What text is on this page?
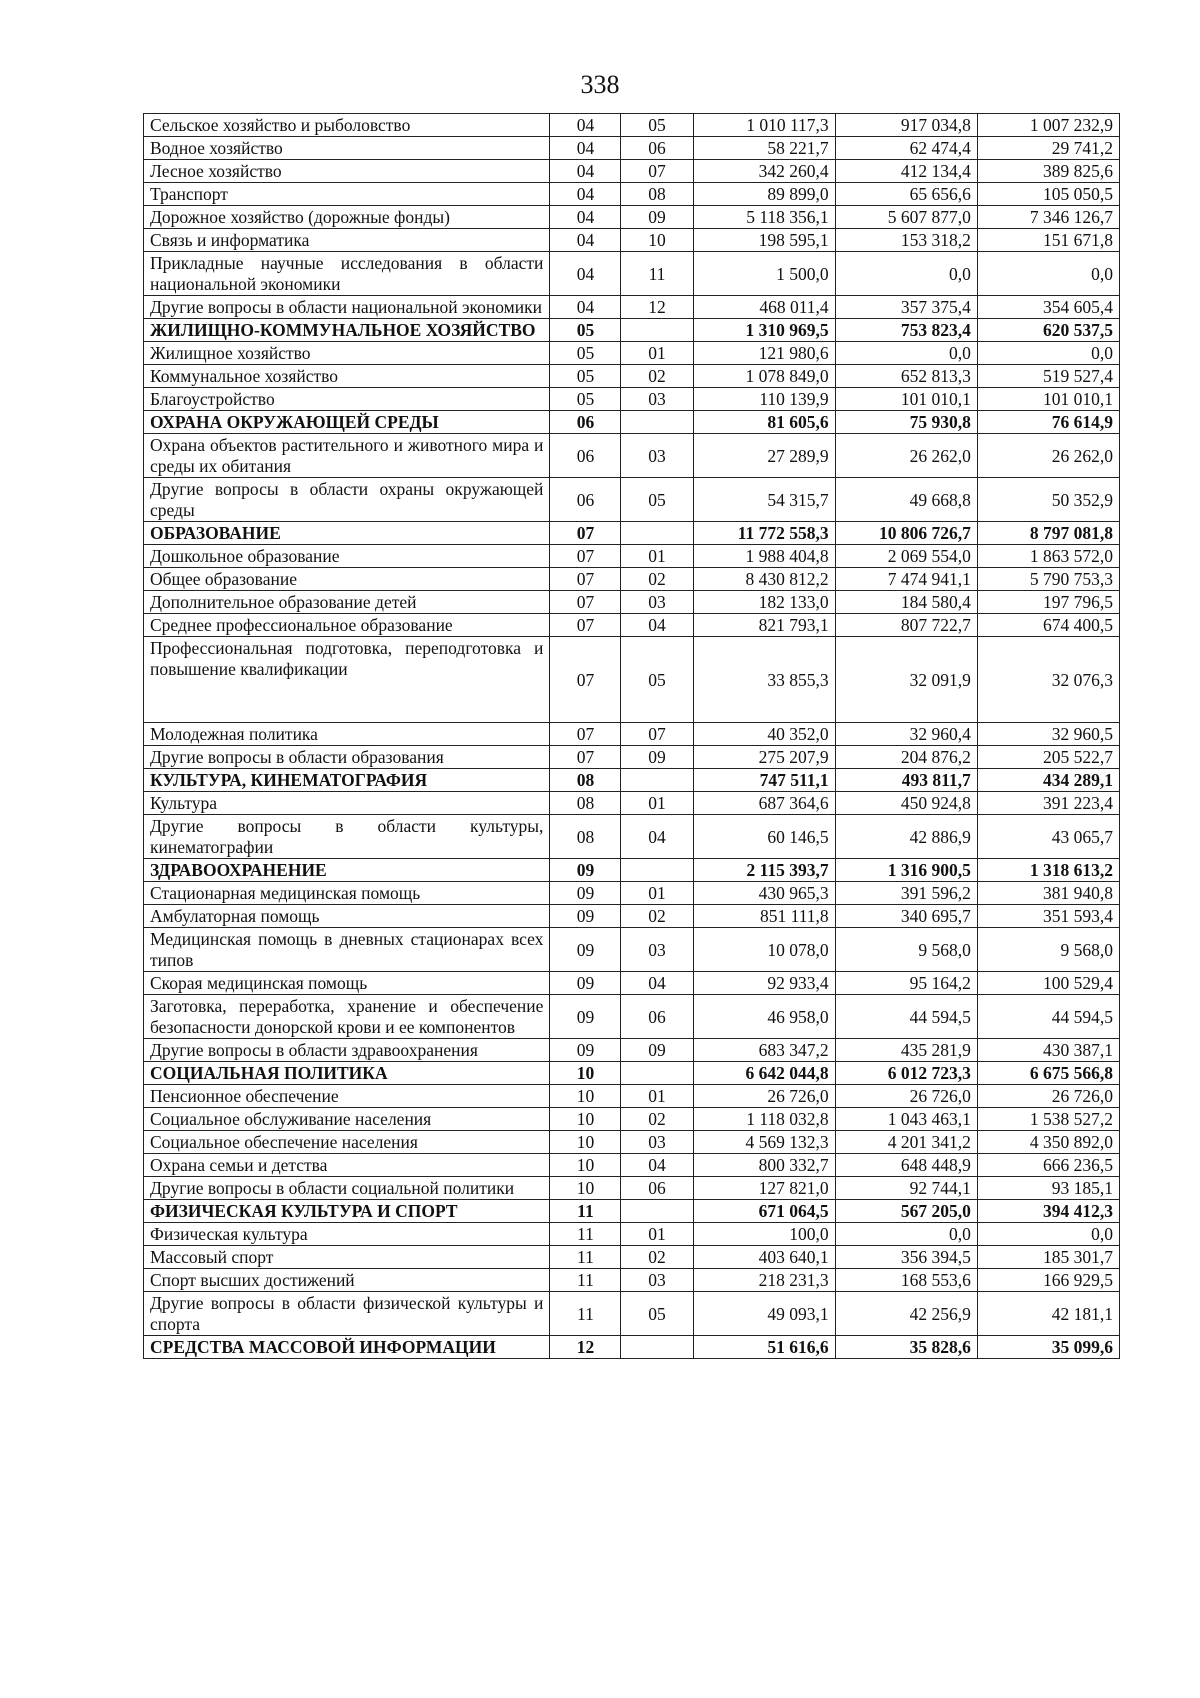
338
Сельское хозяйство и рыболовство	04	05	1 010 117,3	917 034,8	1 007 232,9
Водное хозяйство	04	06	58 221,7	62 474,4	29 741,2
Лесное хозяйство	04	07	342 260,4	412 134,4	389 825,6
Транспорт	04	08	89 899,0	65 656,6	105 050,5
Дорожное хозяйство (дорожные фонды)	04	09	5 118 356,1	5 607 877,0	7 346 126,7
Связь и информатика	04	10	198 595,1	153 318,2	151 671,8
Прикладные научные исследования в области национальной экономики	04	11	1 500,0	0,0	0,0
Другие вопросы в области национальной экономики	04	12	468 011,4	357 375,4	354 605,4
ЖИЛИЩНО-КОММУНАЛЬНОЕ ХОЗЯЙСТВО	05		1 310 969,5	753 823,4	620 537,5
Жилищное хозяйство	05	01	121 980,6	0,0	0,0
Коммунальное хозяйство	05	02	1 078 849,0	652 813,3	519 527,4
Благоустройство	05	03	110 139,9	101 010,1	101 010,1
ОХРАНА ОКРУЖАЮЩЕЙ СРЕДЫ	06		81 605,6	75 930,8	76 614,9
Охрана объектов растительного и животного мира и среды их обитания	06	03	27 289,9	26 262,0	26 262,0
Другие вопросы в области охраны окружающей среды	06	05	54 315,7	49 668,8	50 352,9
ОБРАЗОВАНИЕ	07		11 772 558,3	10 806 726,7	8 797 081,8
Дошкольное образование	07	01	1 988 404,8	2 069 554,0	1 863 572,0
Общее образование	07	02	8 430 812,2	7 474 941,1	5 790 753,3
Дополнительное образование детей	07	03	182 133,0	184 580,4	197 796,5
Среднее профессиональное образование	07	04	821 793,1	807 722,7	674 400,5
Профессиональная подготовка, переподготовка и повышение квалификации	07	05	33 855,3	32 091,9	32 076,3
Молодежная политика	07	07	40 352,0	32 960,4	32 960,5
Другие вопросы в области образования	07	09	275 207,9	204 876,2	205 522,7
КУЛЬТУРА, КИНЕМАТОГРАФИЯ	08		747 511,1	493 811,7	434 289,1
Культура	08	01	687 364,6	450 924,8	391 223,4
Другие вопросы в области культуры, кинематографии	08	04	60 146,5	42 886,9	43 065,7
ЗДРАВООХРАНЕНИЕ	09		2 115 393,7	1 316 900,5	1 318 613,2
Стационарная медицинская помощь	09	01	430 965,3	391 596,2	381 940,8
Амбулаторная помощь	09	02	851 111,8	340 695,7	351 593,4
Медицинская помощь в дневных стационарах всех типов	09	03	10 078,0	9 568,0	9 568,0
Скорая медицинская помощь	09	04	92 933,4	95 164,2	100 529,4
Заготовка, переработка, хранение и обеспечение безопасности донорской крови и ее компонентов	09	06	46 958,0	44 594,5	44 594,5
Другие вопросы в области здравоохранения	09	09	683 347,2	435 281,9	430 387,1
СОЦИАЛЬНАЯ ПОЛИТИКА	10		6 642 044,8	6 012 723,3	6 675 566,8
Пенсионное обеспечение	10	01	26 726,0	26 726,0	26 726,0
Социальное обслуживание населения	10	02	1 118 032,8	1 043 463,1	1 538 527,2
Социальное обеспечение населения	10	03	4 569 132,3	4 201 341,2	4 350 892,0
Охрана семьи и детства	10	04	800 332,7	648 448,9	666 236,5
Другие вопросы в области социальной политики	10	06	127 821,0	92 744,1	93 185,1
ФИЗИЧЕСКАЯ КУЛЬТУРА И СПОРТ	11		671 064,5	567 205,0	394 412,3
Физическая культура	11	01	100,0	0,0	0,0
Массовый спорт	11	02	403 640,1	356 394,5	185 301,7
Спорт высших достижений	11	03	218 231,3	168 553,6	166 929,5
Другие вопросы в области физической культуры и спорта	11	05	49 093,1	42 256,9	42 181,1
СРЕДСТВА МАССОВОЙ ИНФОРМАЦИИ	12		51 616,6	35 828,6	35 099,6
